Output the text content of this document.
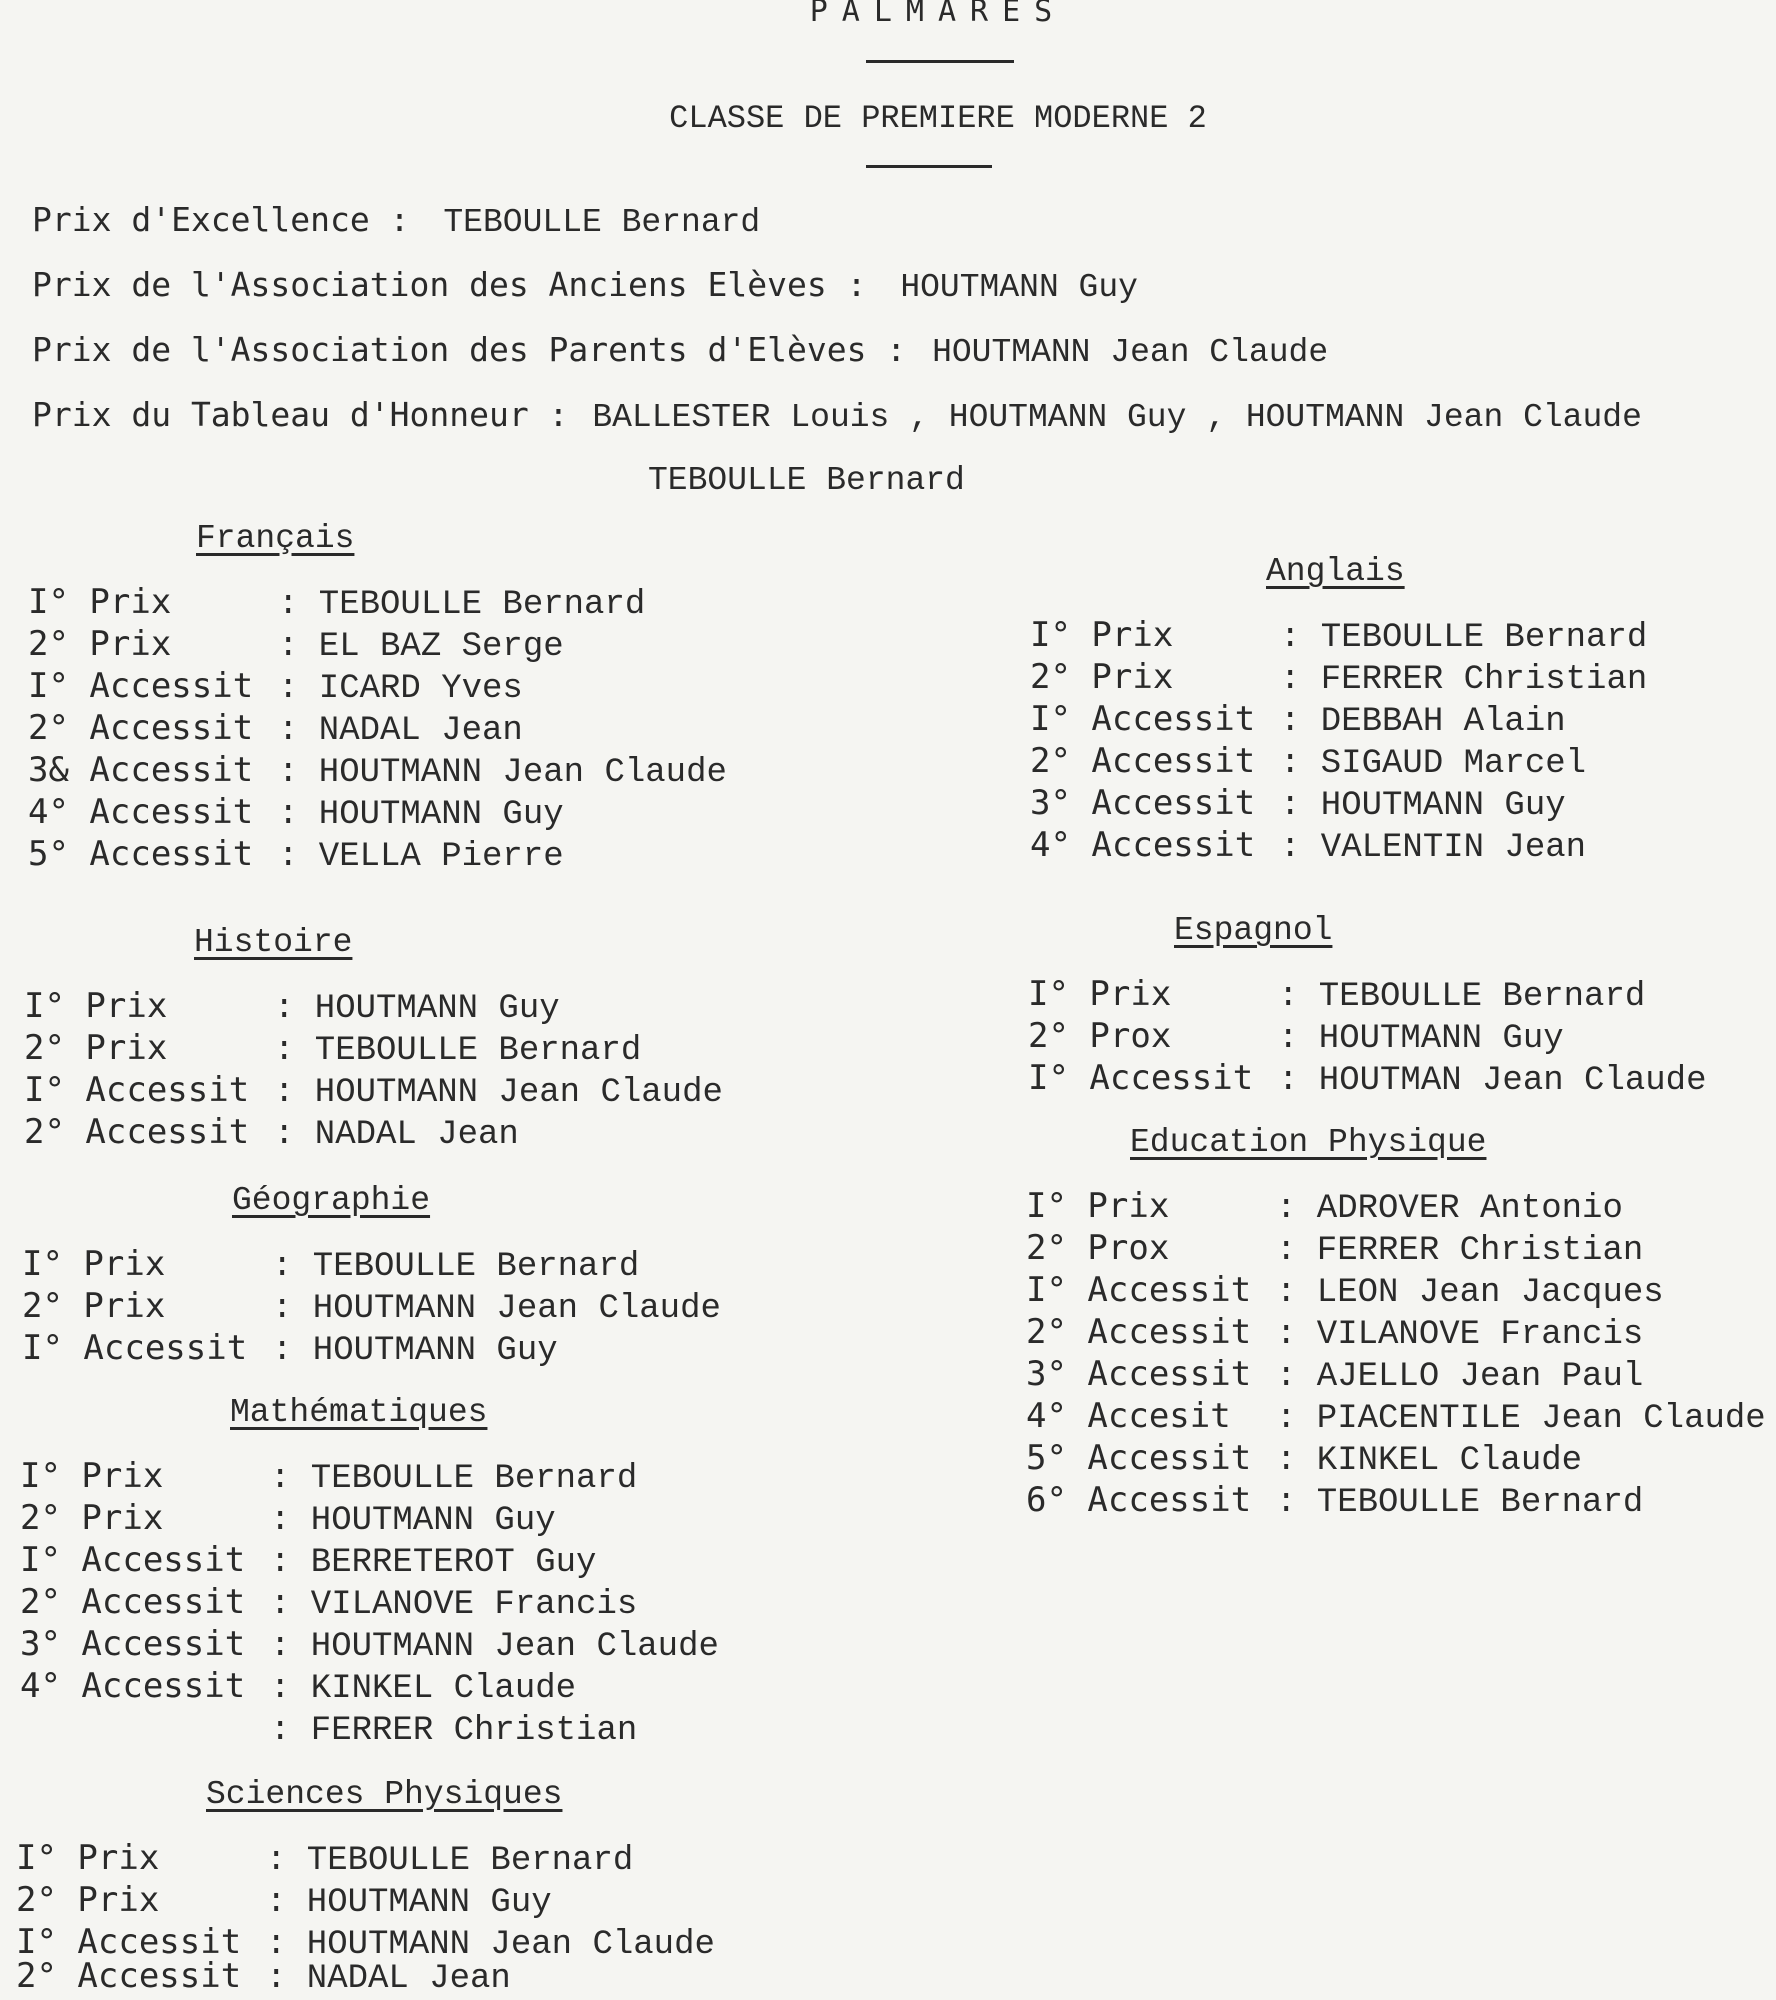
PALMARES
CLASSE DE PREMIERE MODERNE 2
Prix d'Excellence : TEBOULLE Bernard
Prix de l'Association des Anciens Elèves : HOUTMANN Guy
Prix de l'Association des Parents d'Elèves : HOUTMANN Jean Claude
Prix du Tableau d'Honneur : BALLESTER Louis , HOUTMANN Guy , HOUTMANN Jean Claude
TEBOULLE Bernard
Français
I° Prix	: TEBOULLE Bernard
2° Prix	: EL BAZ Serge
I° Accessit : ICARD Yves
2° Accessit : NADAL Jean
3& Accessit : HOUTMANN Jean Claude
4° Accessit : HOUTMANN Guy
5° Accessit : VELLA Pierre
Histoire
I° Prix	: HOUTMANN Guy
2° Prix	: TEBOULLE Bernard
I° Accessit : HOUTMANN Jean Claude
2° Accessit : NADAL Jean
Géographie
I° Prix	: TEBOULLE Bernard
2° Prix	: HOUTMANN Jean Claude
I° Accessit : HOUTMANN Guy
Mathématiques
I° Prix	: TEBOULLE Bernard
2° Prix	: HOUTMANN Guy
I° Accessit : BERRETEROT Guy
2° Accessit : VILANOVE Francis
3° Accessit : HOUTMANN Jean Claude
4° Accessit : KINKEL Claude
: FERRER Christian
Sciences Physiques
I° Prix	: TEBOULLE Bernard
2° Prix	: HOUTMANN Guy
I° Accessit : HOUTMANN Jean Claude
2° Accessit : NADAL Jean
Anglais
I° Prix	: TEBOULLE Bernard
2° Prix	: FERRER Christian
I° Accessit : DEBBAH Alain
2° Accessit : SIGAUD Marcel
3° Accessit : HOUTMANN Guy
4° Accessit : VALENTIN Jean
Espagnol
I° Prix	: TEBOULLE Bernard
2° Prox	: HOUTMANN Guy
I° Accessit : HOUTMAN Jean Claude
Education Physique
I° Prix	: ADROVER Antonio
2° Prox	: FERRER Christian
I° Accessit : LEON Jean Jacques
2° Accessit : VILANOVE Francis
3° Accessit : AJELLO Jean Paul
4° Accesit : PIACENTILE Jean Claude
5° Accessit : KINKEL Claude
6° Accessit : TEBOULLE Bernard
